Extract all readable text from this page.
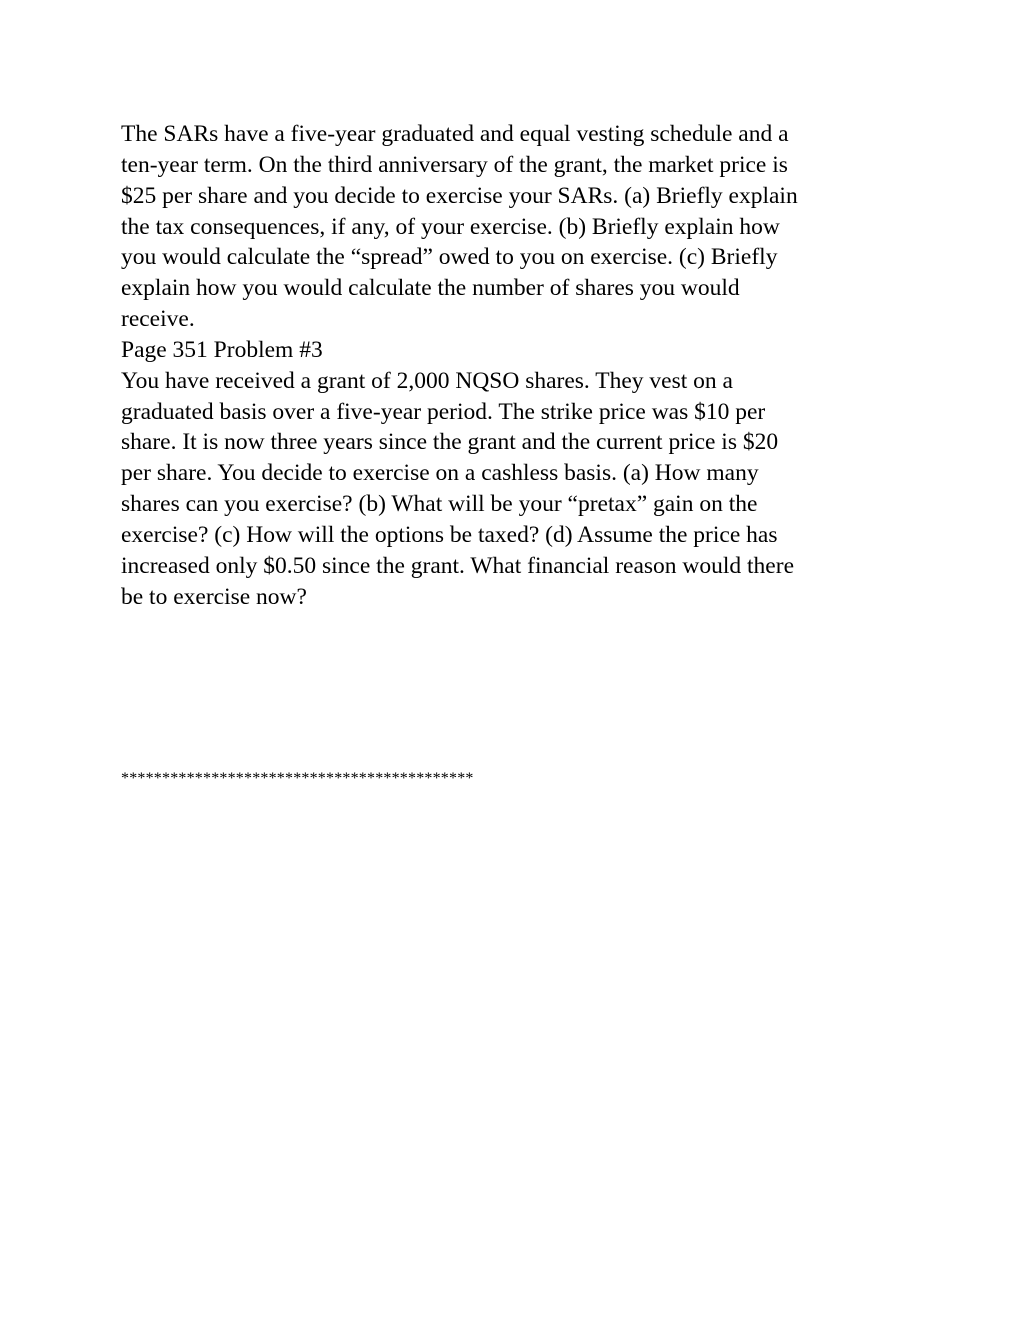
The SARs have a five-year graduated and equal vesting schedule and a
ten-year term. On the third anniversary of the grant, the market price is
$25 per share and you decide to exercise your SARs. (a) Briefly explain
the tax consequences, if any, of your exercise. (b) Briefly explain how
you would calculate the “spread” owed to you on exercise. (c) Briefly
explain how you would calculate the number of shares you would
receive.
Page 351 Problem #3
You have received a grant of 2,000 NQSO shares. They vest on a
graduated basis over a five-year period. The strike price was $10 per
share. It is now three years since the grant and the current price is $20
per share. You decide to exercise on a cashless basis. (a) How many
shares can you exercise? (b) What will be your “pretax” gain on the
exercise? (c) How will the options be taxed? (d) Assume the price has
increased only $0.50 since the grant. What financial reason would there
be to exercise now?
*******************************************
